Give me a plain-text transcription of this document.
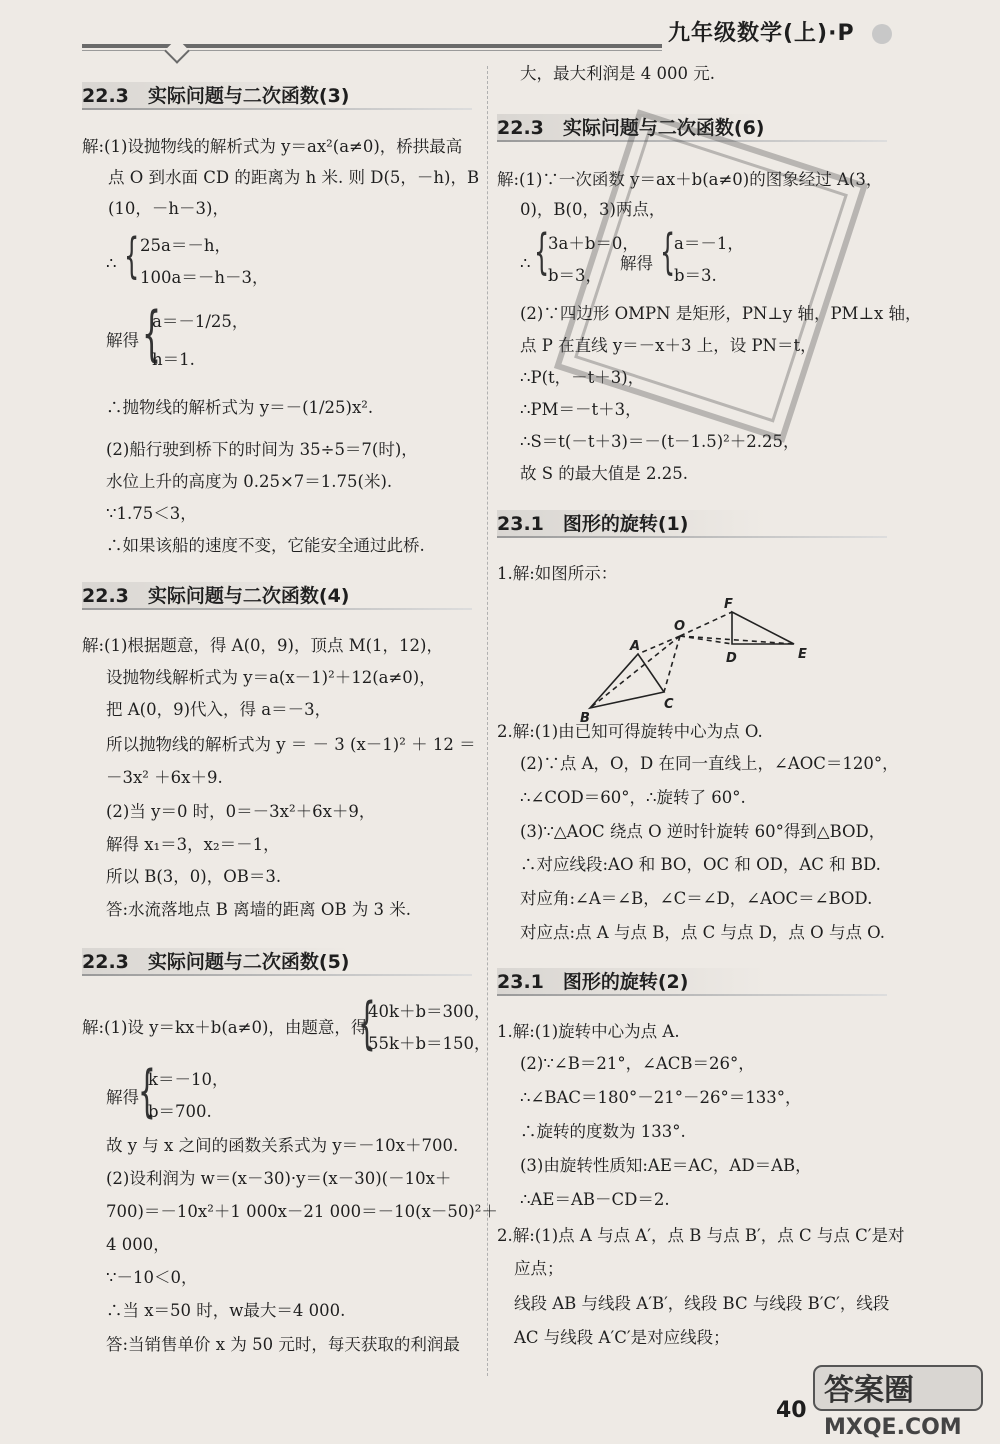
九年级数学(上)·P
22.3　实际问题与二次函数(3)
解:(1)设抛物线的解析式为 y＝ax²(a≠0)，桥拱最高
点 O 到水面 CD 的距离为 h 米. 则 D(5，－h)，B
(10，－h－3)，
25a＝－h，
∴ { 100a＝－h－3，
解得 {
a＝－1/25，
h＝1.
∴抛物线的解析式为 y＝－(1/25)x².
(2)船行驶到桥下的时间为 35÷5＝7(时)，
水位上升的高度为 0.25×7＝1.75(米).
∵1.75＜3，
∴如果该船的速度不变，它能安全通过此桥.
22.3　实际问题与二次函数(4)
解:(1)根据题意，得 A(0，9)，顶点 M(1，12)，
设抛物线解析式为 y＝a(x－1)²＋12(a≠0)，
把 A(0，9)代入，得 a＝－3，
所以抛物线的解析式为 y ＝ － 3 (x－1)² ＋ 12 ＝
－3x² ＋6x＋9.
(2)当 y＝0 时，0＝－3x²＋6x＋9，
解得 x₁＝3，x₂＝－1，
所以 B(3，0)，OB＝3.
答:水流落地点 B 离墙的距离 OB 为 3 米.
22.3　实际问题与二次函数(5)
解:(1)设 y＝kx＋b(a≠0)，由题意，得
{
40k＋b＝300，
55k＋b＝150，
解得 {
k＝－10，
b＝700.
故 y 与 x 之间的函数关系式为 y＝－10x＋700.
(2)设利润为 w＝(x－30)·y＝(x－30)(－10x＋
700)＝－10x²＋1 000x－21 000＝－10(x－50)²＋
4 000，
∵－10＜0，
∴当 x＝50 时，w最大＝4 000.
答:当销售单价 x 为 50 元时，每天获取的利润最
大，最大利润是 4 000 元.
22.3　实际问题与二次函数(6)
解:(1)∵一次函数 y＝ax＋b(a≠0)的图象经过 A(3，
0)，B(0，3)两点，
∴ {
3a＋b＝0，
b＝3，
解得 {
a＝－1，
b＝3.
(2)∵四边形 OMPN 是矩形，PN⊥y 轴，PM⊥x 轴，
点 P 在直线 y＝－x＋3 上，设 PN＝t，
∴P(t，－t＋3)，
∴PM＝－t＋3，
∴S＝t(－t＋3)＝－(t－1.5)²＋2.25，
故 S 的最大值是 2.25.
23.1　图形的旋转(1)
1.解:如图所示：
F
O
D	E
A
C
B
2.解:(1)由已知可得旋转中心为点 O.
(2)∵点 A，O，D 在同一直线上，∠AOC＝120°，
∴∠COD＝60°，∴旋转了 60°.
(3)∵△AOC 绕点 O 逆时针旋转 60°得到△BOD，
∴对应线段:AO 和 BO，OC 和 OD，AC 和 BD.
对应角:∠A＝∠B，∠C＝∠D，∠AOC＝∠BOD.
对应点:点 A 与点 B，点 C 与点 D，点 O 与点 O.
23.1　图形的旋转(2)
1.解:(1)旋转中心为点 A.
(2)∵∠B＝21°，∠ACB＝26°，
∴∠BAC＝180°－21°－26°＝133°，
∴旋转的度数为 133°.
(3)由旋转性质知:AE＝AC，AD＝AB，
∴AE＝AB－CD＝2.
2.解:(1)点 A 与点 A′，点 B 与点 B′，点 C 与点 C′是对
应点；
线段 AB 与线段 A′B′，线段 BC 与线段 B′C′，线段
AC 与线段 A′C′是对应线段；
40
答案圈
MXQE.COM
